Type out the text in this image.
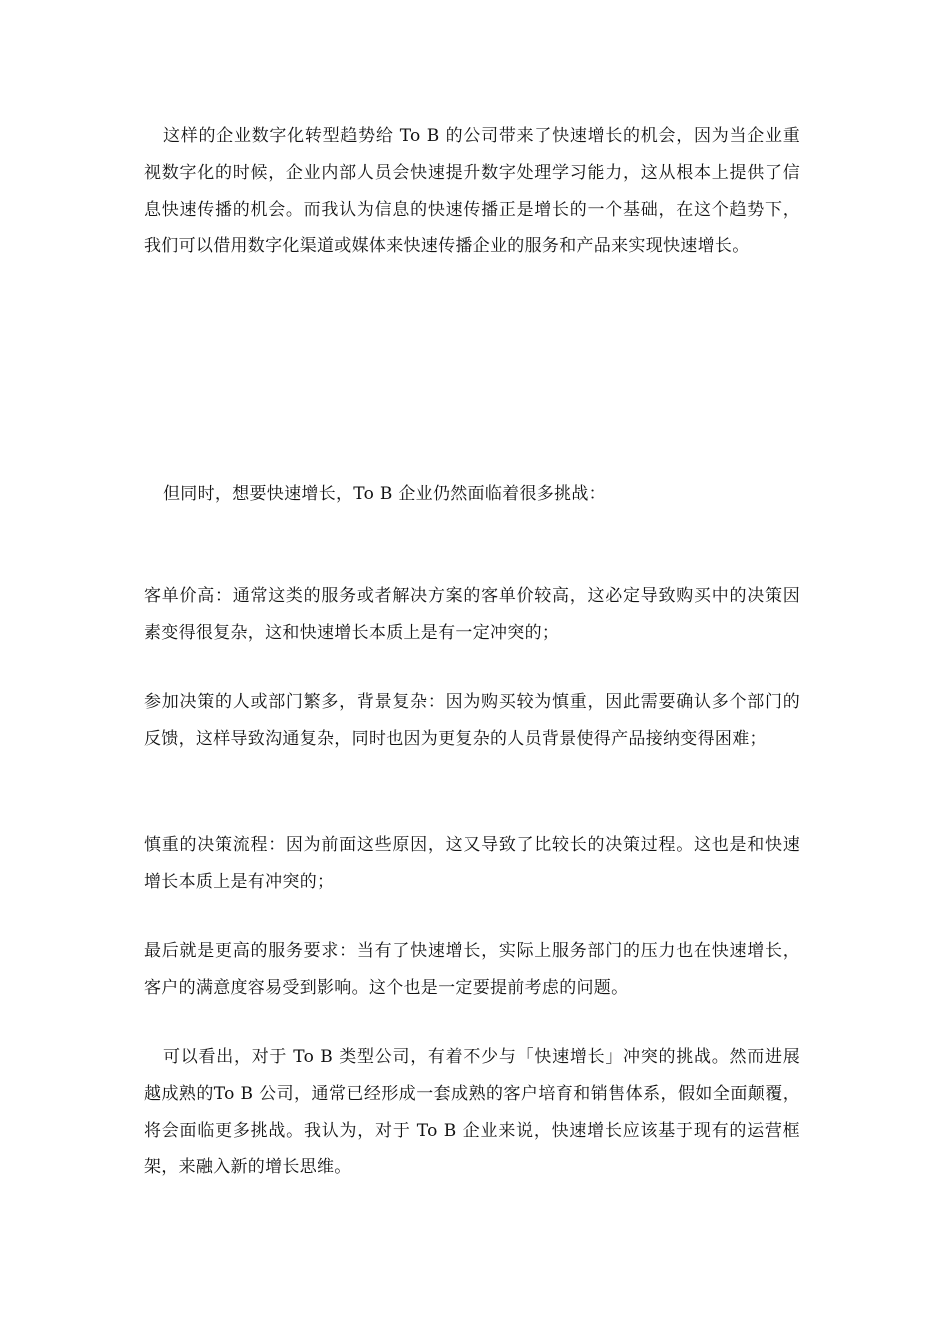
这样的企业数字化转型趋势给 To B 的公司带来了快速增长的机会，因为当企业重视数字化的时候，企业内部人员会快速提升数字处理学习能力，这从根本上提供了信息快速传播的机会。而我认为信息的快速传播正是增长的一个基础，在这个趋势下，我们可以借用数字化渠道或媒体来快速传播企业的服务和产品来实现快速增长。

但同时，想要快速增长，To B 企业仍然面临着很多挑战：

客单价高：通常这类的服务或者解决方案的客单价较高，这必定导致购买中的决策因素变得很复杂，这和快速增长本质上是有一定冲突的；

参加决策的人或部门繁多，背景复杂：因为购买较为慎重，因此需要确认多个部门的反馈，这样导致沟通复杂，同时也因为更复杂的人员背景使得产品接纳变得困难；

慎重的决策流程：因为前面这些原因，这又导致了比较长的决策过程。这也是和快速增长本质上是有冲突的；

最后就是更高的服务要求：当有了快速增长，实际上服务部门的压力也在快速增长，客户的满意度容易受到影响。这个也是一定要提前考虑的问题。

可以看出，对于 To B 类型公司，有着不少与「快速增长」冲突的挑战。然而进展越成熟的To B 公司，通常已经形成一套成熟的客户培育和销售体系，假如全面颠覆，将会面临更多挑战。我认为，对于 To B 企业来说，快速增长应该基于现有的运营框架，来融入新的增长思维。
